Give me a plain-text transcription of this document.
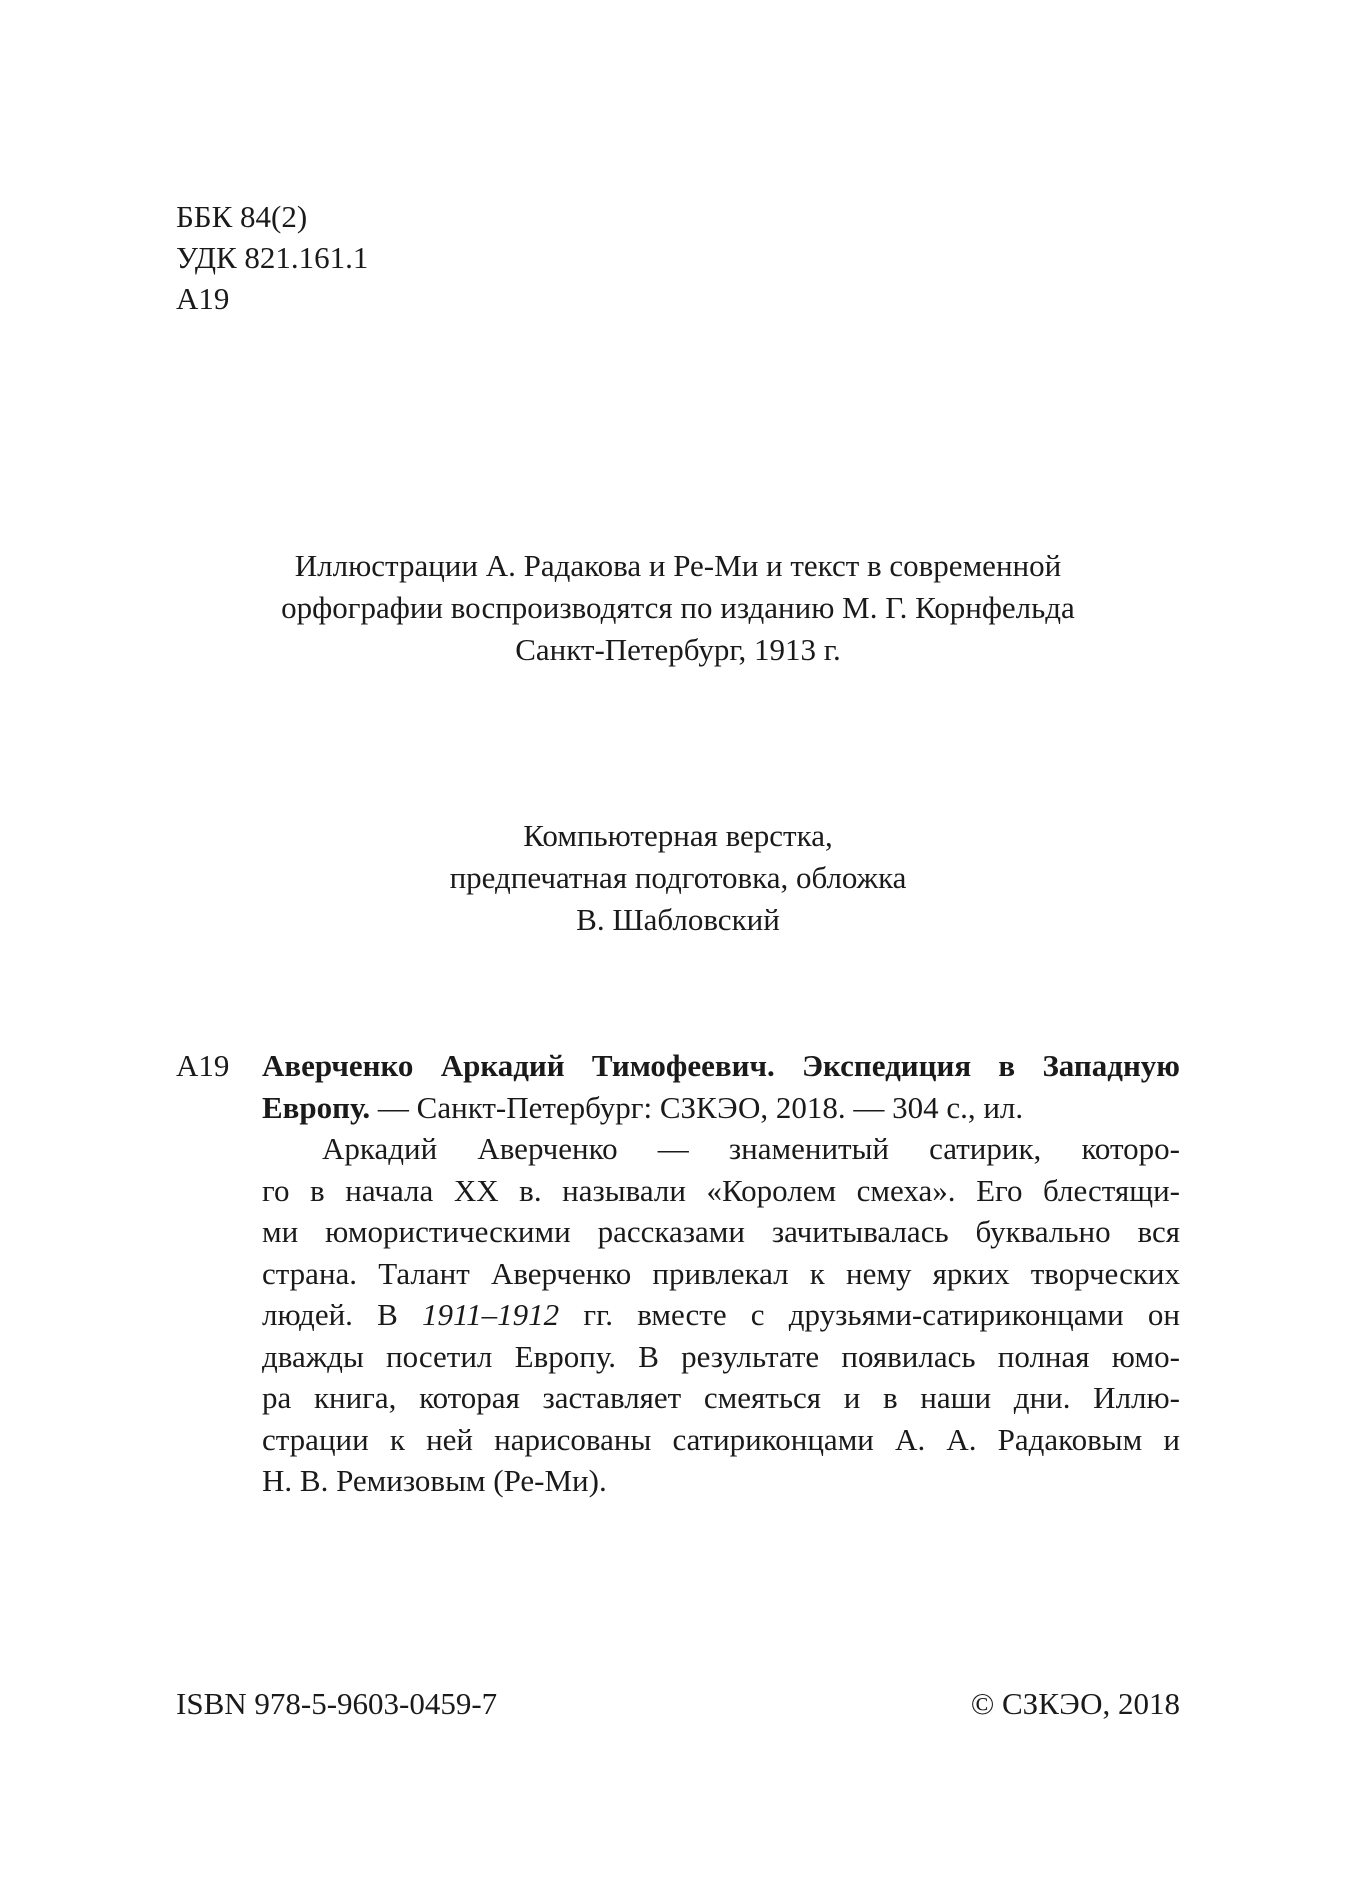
ББК 84(2)
УДК 821.161.1
А19
Иллюстрации А. Радакова и Ре-Ми и текст в современной
орфографии воспроизводятся по изданию М. Г. Корнфельда
Санкт-Петербург, 1913 г.
Компьютерная верстка,
предпечатная подготовка, обложка
В. Шабловский
А19 Аверченко Аркадий Тимофеевич. Экспедиция в Западную Европу. — Санкт-Петербург: СЗКЭО, 2018. — 304 с., ил.
Аркадий Аверченко — знаменитый сатирик, которо-
го в начала XX в. называли «Королем смеха». Его блестящи-
ми юмористическими рассказами зачитывалась буквально вся
страна. Талант Аверченко привлекал к нему ярких творческих
людей. В 1911–1912 гг. вместе с друзьями-сатириконцами он
дважды посетил Европу. В результате появилась полная юмо-
ра книга, которая заставляет смеяться и в наши дни. Иллю-
страции к ней нарисованы сатириконцами А. А. Радаковым и
Н. В. Ремизовым (Ре-Ми).
ISBN 978-5-9603-0459-7	© СЗКЭО, 2018
